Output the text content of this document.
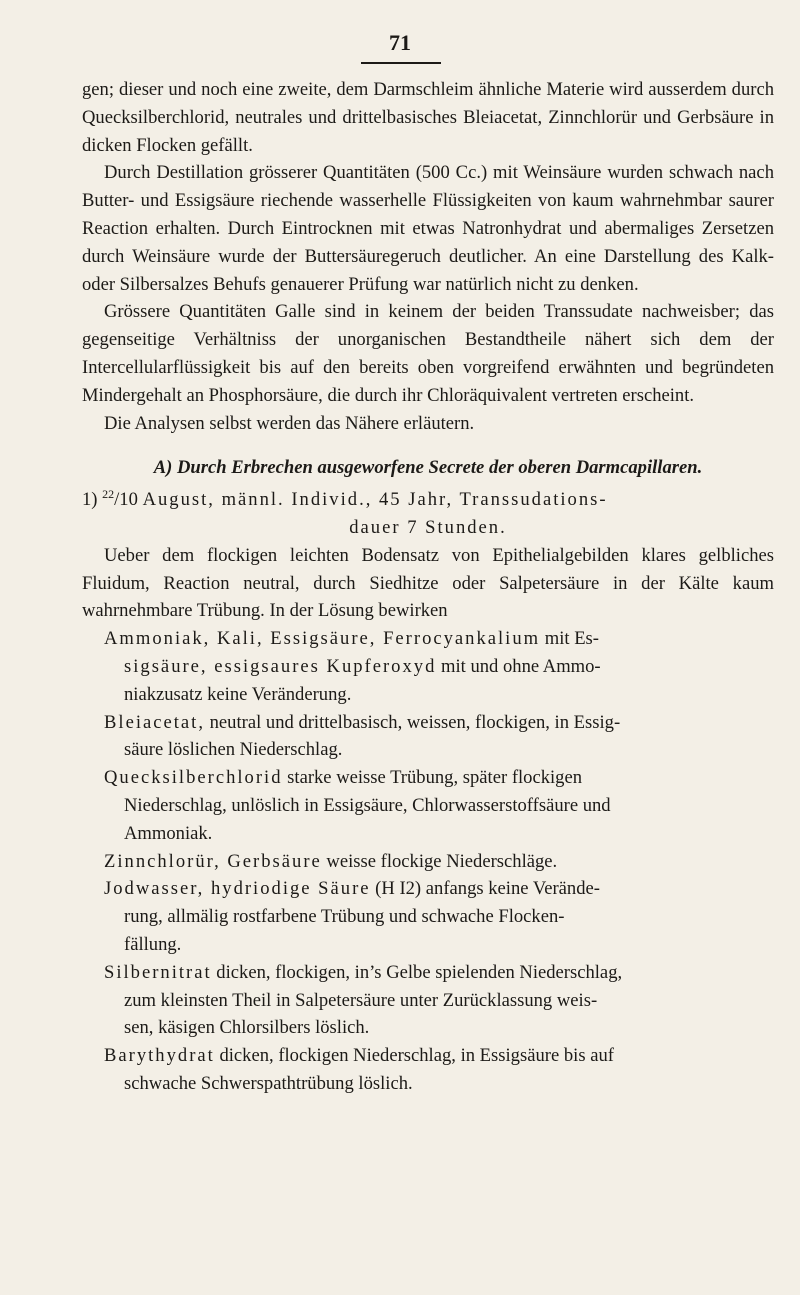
71

gen; dieser und noch eine zweite, dem Darmschleim ähnliche Materie wird ausserdem durch Quecksilberchlorid, neutrales und drittelbasisches Bleiacetat, Zinnchlorür und Gerbsäure in dicken Flocken gefällt.

Durch Destillation grösserer Quantitäten (500 Cc.) mit Weinsäure wurden schwach nach Butter- und Essigsäure riechende wasserhelle Flüssigkeiten von kaum wahrnehmbar saurer Reaction erhalten. Durch Eintrocknen mit etwas Natronhydrat und abermaliges Zersetzen durch Weinsäure wurde der Buttersäuregeruch deutlicher. An eine Darstellung des Kalk- oder Silbersalzes Behufs genauerer Prüfung war natürlich nicht zu denken.

Grössere Quantitäten Galle sind in keinem der beiden Transsudate nachweisber; das gegenseitige Verhältniss der unorganischen Bestandtheile nähert sich dem der Intercellularflüssigkeit bis auf den bereits oben vorgreifend erwähnten und begründeten Mindergehalt an Phosphorsäure, die durch ihr Chloräquivalent vertreten erscheint.

Die Analysen selbst werden das Nähere erläutern.

A) Durch Erbrechen ausgeworfene Secrete der oberen Darmcapillaren.

1) $^{22}$/10 August, männl. Individ., 45 Jahr, Transsudations-
dauer 7 Stunden.

Ueber dem flockigen leichten Bodensatz von Epithelialgebilden klares gelbliches Fluidum, Reaction neutral, durch Siedhitze oder Salpetersäure in der Kälte kaum wahrnehmbare Trübung. In der Lösung bewirken

Ammoniak, Kali, Essigsäure, Ferrocyankalium mit Es-
sigsäure, essigsaures Kupferoxyd mit und ohne Ammo-
niakzusatz keine Veränderung.

Bleiacetat, neutral und drittelbasisch, weissen, flockigen, in Essig-
säure löslichen Niederschlag.

Quecksilberchlorid starke weisse Trübung, später flockigen
Niederschlag, unlöslich in Essigsäure, Chlorwasserstoffsäure und
Ammoniak.

Zinnchlorür, Gerbsäure weisse flockige Niederschläge.

Jodwasser, hydriodige Säure (H I2) anfangs keine Verände-
rung, allmälig rostfarbene Trübung und schwache Flocken-
fällung.

Silbernitrat dicken, flockigen, in’s Gelbe spielenden Niederschlag,
zum kleinsten Theil in Salpetersäure unter Zurücklassung weis-
sen, käsigen Chlorsilbers löslich.

Barythydrat dicken, flockigen Niederschlag, in Essigsäure bis auf
schwache Schwerspathtrübung löslich.
